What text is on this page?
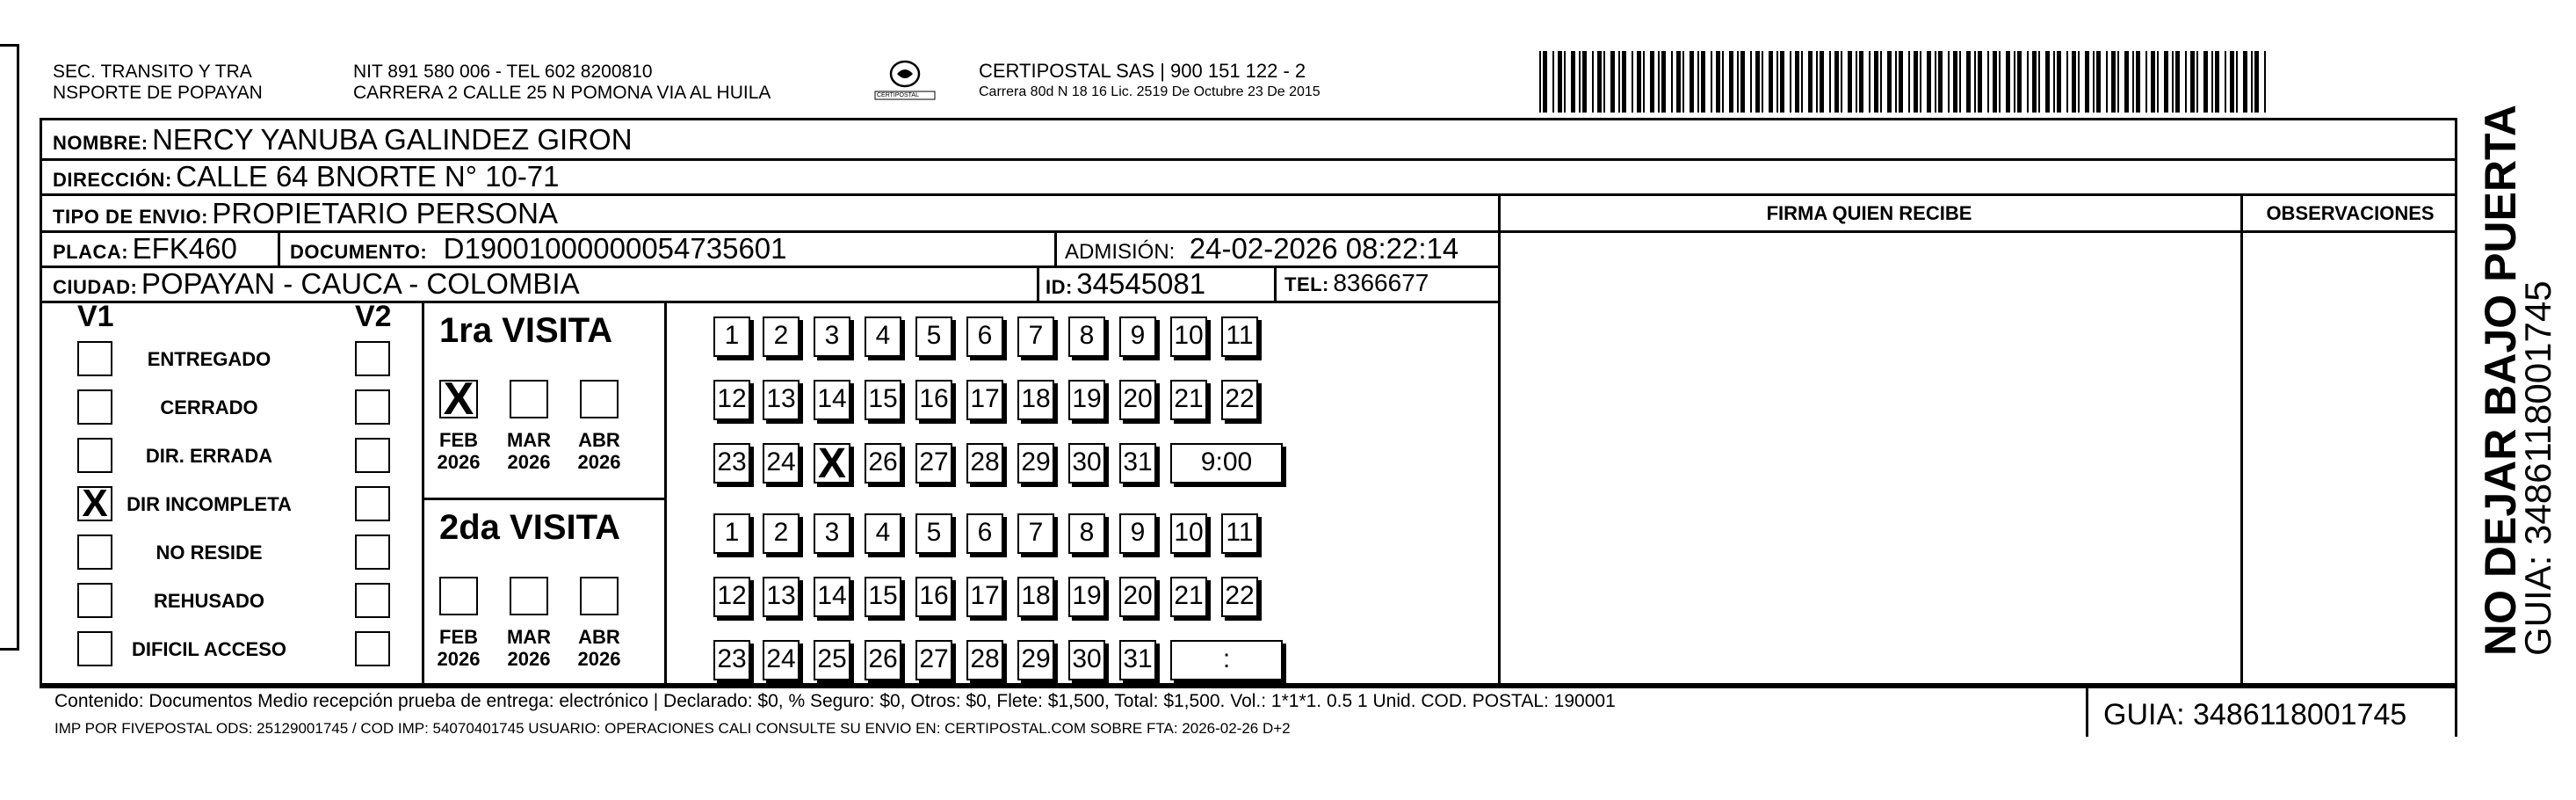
SEC. TRANSITO Y TRA
NSPORTE DE POPAYAN
NIT 891 580 006 - TEL 602 8200810
CARRERA 2 CALLE 25 N POMONA VIA AL HUILA	CERTIPOSTAL
CERTIPOSTAL SAS | 900 151 122 - 2
Carrera 80d N 18 16 Lic. 2519 De Octubre 23 De 2015
NOMBRE: NERCY YANUBA GALINDEZ GIRON
DIRECCIÓN: CALLE 64 BNORTE N° 10-71
TIPO DE ENVIO: PROPIETARIO PERSONA	FIRMA QUIEN RECIBE	OBSERVACIONES
PLACA: EFK460	DOCUMENTO: D19001000000054735601	ADMISIÓN: 24-02-2026 08:22:14
CIUDAD: POPAYAN - CAUCA - COLOMBIA	ID: 34545081	TEL: 8366677
V1	V2
ENTREGADO
CERRADO
DIR. ERRADA
X DIR INCOMPLETA
NO RESIDE
REHUSADO
DIFICIL ACCESO
1ra VISITA
X
FEB
2026
MAR
2026
ABR
2026
1	2	3	4	5	6	7	8	9	10 11
12 13 14 15 16 17 18 19 20 21 22
23 24 X 26 27 28 29 30 31	9:00
2da VISITA
FEB
2026
MAR
2026
ABR
2026
1	2	3	4	5	6	7	8	9	10 11
12 13 14 15 16 17 18 19 20 21 22
23 24 25 26 27 28 29 30 31	:
Contenido: Documentos Medio recepción prueba de entrega: electrónico | Declarado: $0, % Seguro: $0, Otros: $0, Flete: $1,500, Total: $1,500. Vol.: 1*1*1. 0.5 1 Unid. COD. POSTAL: 190001
IMP POR FIVEPOSTAL ODS: 25129001745 / COD IMP: 54070401745 USUARIO: OPERACIONES CALI CONSULTE SU ENVIO EN: CERTIPOSTAL.COM SOBRE FTA: 2026-02-26 D+2	GUIA: 3486118001745
NO DEJAR BAJO PUERTA
GUIA: 3486118001745
